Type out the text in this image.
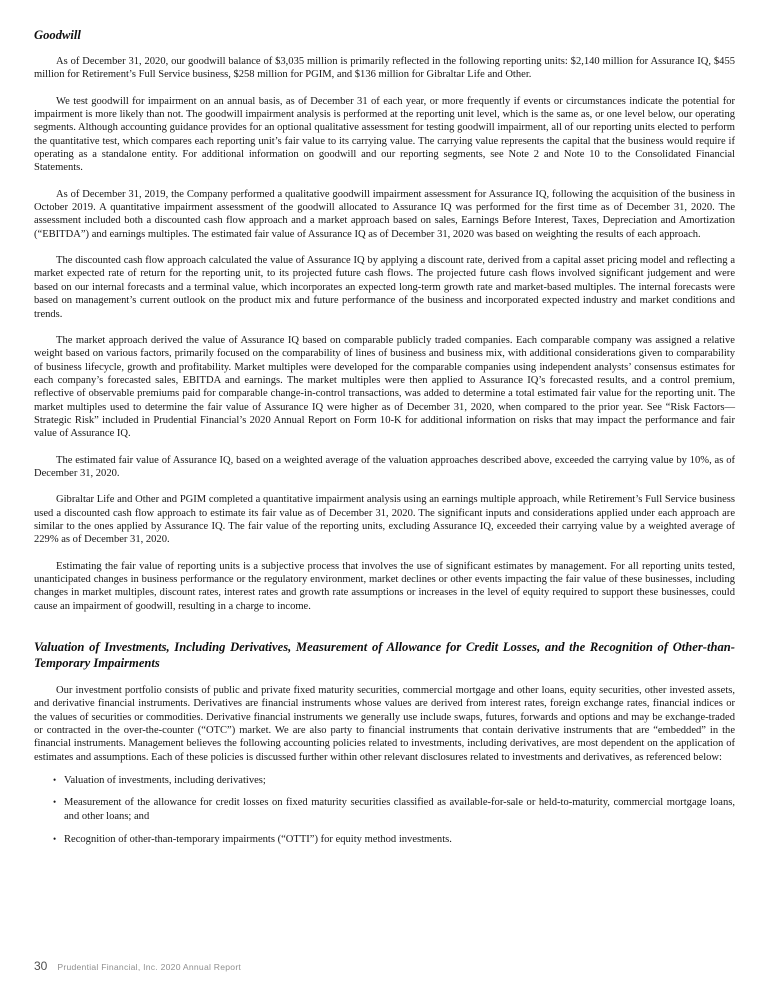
Goodwill

As of December 31, 2020, our goodwill balance of $3,035 million is primarily reflected in the following reporting units: $2,140 million for Assurance IQ, $455 million for Retirement’s Full Service business, $258 million for PGIM, and $136 million for Gibraltar Life and Other.

We test goodwill for impairment on an annual basis, as of December 31 of each year, or more frequently if events or circumstances indicate the potential for impairment is more likely than not. The goodwill impairment analysis is performed at the reporting unit level, which is the same as, or one level below, our operating segments. Although accounting guidance provides for an optional qualitative assessment for testing goodwill impairment, all of our reporting units elected to perform the quantitative test, which compares each reporting unit’s fair value to its carrying value. The carrying value represents the capital that the business would require if operating as a standalone entity. For additional information on goodwill and our reporting segments, see Note 2 and Note 10 to the Consolidated Financial Statements.

As of December 31, 2019, the Company performed a qualitative goodwill impairment assessment for Assurance IQ, following the acquisition of the business in October 2019. A quantitative impairment assessment of the goodwill allocated to Assurance IQ was performed for the first time as of December 31, 2020. The assessment included both a discounted cash flow approach and a market approach based on sales, Earnings Before Interest, Taxes, Depreciation and Amortization (“EBITDA”) and earnings multiples. The estimated fair value of Assurance IQ as of December 31, 2020 was based on weighting the results of each approach.

The discounted cash flow approach calculated the value of Assurance IQ by applying a discount rate, derived from a capital asset pricing model and reflecting a market expected rate of return for the reporting unit, to its projected future cash flows. The projected future cash flows involved significant judgement and were based on our internal forecasts and a terminal value, which incorporates an expected long-term growth rate and market-based multiples. The internal forecasts were based on management’s current outlook on the product mix and future performance of the business and incorporated expected industry and market conditions and trends.

The market approach derived the value of Assurance IQ based on comparable publicly traded companies. Each comparable company was assigned a relative weight based on various factors, primarily focused on the comparability of lines of business and business mix, with additional considerations given to comparability of business lifecycle, growth and profitability. Market multiples were developed for the comparable companies using independent analysts’ consensus estimates for each company’s forecasted sales, EBITDA and earnings. The market multiples were then applied to Assurance IQ’s forecasted results, and a control premium, reflective of observable premiums paid for comparable change-in-control transactions, was added to determine a total estimated fair value for the reporting unit. The market multiples used to determine the fair value of Assurance IQ were higher as of December 31, 2020, when compared to the prior year. See “Risk Factors—Strategic Risk” included in Prudential Financial’s 2020 Annual Report on Form 10-K for additional information on risks that may impact the performance and fair value of Assurance IQ.

The estimated fair value of Assurance IQ, based on a weighted average of the valuation approaches described above, exceeded the carrying value by 10%, as of December 31, 2020.

Gibraltar Life and Other and PGIM completed a quantitative impairment analysis using an earnings multiple approach, while Retirement’s Full Service business used a discounted cash flow approach to estimate its fair value as of December 31, 2020. The significant inputs and considerations applied under each approach are similar to the ones applied by Assurance IQ. The fair value of the reporting units, excluding Assurance IQ, exceeded their carrying value by a weighted average of 229% as of December 31, 2020.

Estimating the fair value of reporting units is a subjective process that involves the use of significant estimates by management. For all reporting units tested, unanticipated changes in business performance or the regulatory environment, market declines or other events impacting the fair value of these businesses, including changes in market multiples, discount rates, interest rates and growth rate assumptions or increases in the level of equity required to support these businesses, could cause an impairment of goodwill, resulting in a charge to income.

Valuation of Investments, Including Derivatives, Measurement of Allowance for Credit Losses, and the Recognition of Other-than-Temporary Impairments

Our investment portfolio consists of public and private fixed maturity securities, commercial mortgage and other loans, equity securities, other invested assets, and derivative financial instruments. Derivatives are financial instruments whose values are derived from interest rates, foreign exchange rates, financial indices or the values of securities or commodities. Derivative financial instruments we generally use include swaps, futures, forwards and options and may be exchange-traded or contracted in the over-the-counter (“OTC”) market. We are also party to financial instruments that contain derivative instruments that are “embedded” in the financial instruments. Management believes the following accounting policies related to investments, including derivatives, are most dependent on the application of estimates and assumptions. Each of these policies is discussed further within other relevant disclosures related to investments and derivatives, as referenced below:

• Valuation of investments, including derivatives;
• Measurement of the allowance for credit losses on fixed maturity securities classified as available-for-sale or held-to-maturity, commercial mortgage loans, and other loans; and
• Recognition of other-than-temporary impairments (“OTTI”) for equity method investments.
30 Prudential Financial, Inc. 2020 Annual Report
